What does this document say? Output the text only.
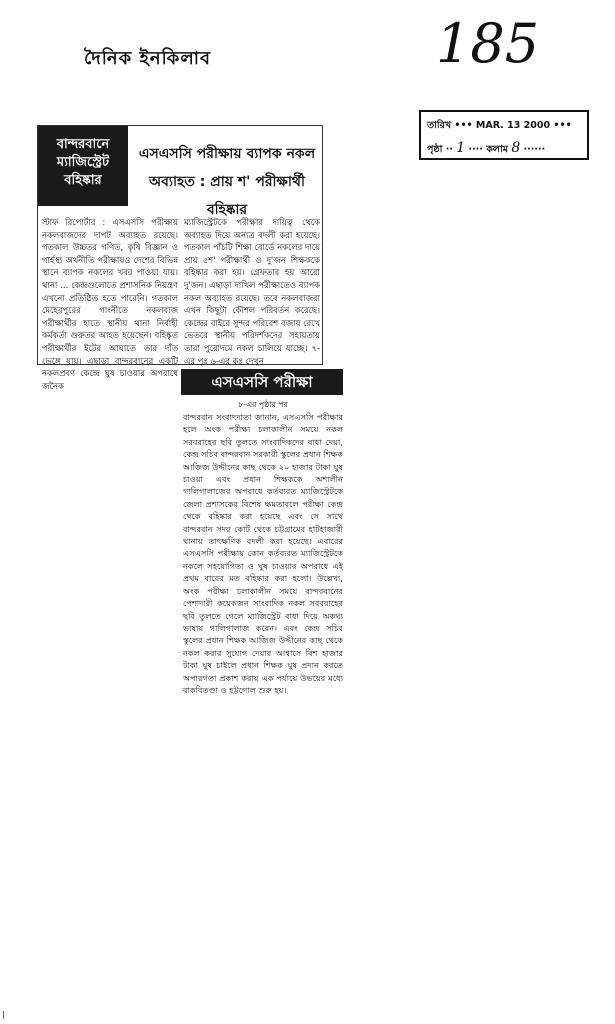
দৈনিক ইনকিলাব	185
তারিখ ••• MAR. 13 2000 •••
পৃষ্ঠা ·· 1 ···· কলাম 8 ······
বান্দরবানে
ম্যাজিস্ট্রেট
বহিষ্কার
এসএসসি পরীক্ষায় ব্যাপক নকল
অব্যাহত : প্রায় শ' পরীক্ষার্থী বহিষ্কার
স্টাফ রিপোর্টার : এসএসসি পরীক্ষায় নকলবাজদের দাপট অব্যাহত রয়েছে। গতকাল উচ্চতর গণিত, কৃষি বিজ্ঞান ও গার্হস্থ্য অর্থনীতি পরীক্ষায়ও দেশের বিভিন্ন স্থানে ব্যাপক নকলের খবর পাওয়া যায়। থানা ... কেন্দ্রগুলোতে প্রশাসনিক নিয়ন্ত্রণ এখনো প্রতিষ্ঠিত হতে পারেনি। গতকাল মেহেরপুরের গাংনীতে নকলবাজ পরীক্ষার্থীর হাতে স্থানীয় থানা নির্বাহী কর্মকর্তা গুরুতর আহত হয়েছেন। বহিষ্কৃত পরীক্ষার্থীর ইটের আঘাতে তার দাঁত ভেঙ্গে যায়। এছাড়া বান্দরবানের একটি নকলপ্রবণ কেন্দ্রে ঘুষ চাওয়ার অপরাধে জনৈক
ম্যাজিস্ট্রেটকে পরীক্ষার দায়িত্ব থেকে অব্যাহত দিয়ে অন্যত্র বদলী করা হয়েছে। গতকাল পাঁচটি শিক্ষা বোর্ডে নকলের দায়ে প্রায় ৫শ' পরীক্ষার্থী ও দু'জন শিক্ষককে বহিষ্কার করা হয়। গ্রেফতার হয় আরো দু'জন। এছাড়া দাখিল পরীক্ষাতেও ব্যাপক নকল অব্যাহত রয়েছে। তবে নকলবাজরা এখন কিছুটা কৌশল পরিবর্তন করেছে। কেন্দ্রের বাইরে সুন্দর পরিবেশ বজায় রেখে ভেতরে স্থানীয় পরিদর্শকদের সহায়তায় তারা পুরোদমে নকল চালিয়ে যাচ্ছে। ৭-এর পৃঃ ৬-এর কঃ দেখুন
এসএসসি পরীক্ষা
৮-এর পৃষ্ঠার পর
বান্দরবান সংবাদদাতা জানান, এসএসসি পরীক্ষার হলে অংক পরীক্ষা চলাকালীন সময়ে নকল সরবরাহের ছবি তুলতে সাংবাদিকদের বাধা দেয়া, কেন্দ্র সচিব বান্দরবান সরকারী স্কুলের প্রধান শিক্ষক আজিজ উদ্দীনের কাছ থেকে ২০ হাজার টাকা ঘুষ চাওয়া এবং প্রধান শিক্ষককে অশালীন গালিগালাজের অপরাধে কর্তব্যরত ম্যাজিস্ট্রেটকে জেলা প্রশাসকের বিশেষ ক্ষমতাবলে পরীক্ষা কেন্দ্র থেকে বহিষ্কার করা হয়েছে এবং সে সাথে বান্দরবান সদর কোর্ট থেকে চট্টগ্রামের হাটহাজারী থানায় তাৎক্ষণিক বদলী করা হয়েছে। এবারের এসএসসি পরীক্ষায় কোন কর্তব্যরত ম্যাজিস্ট্রেটকে নকলে সহযোগিতা ও ঘুষ চাওয়ার অপরাধে এই প্রথম বারের মত বহিষ্কার করা হলো। উল্লেখ্য, অংক পরীক্ষা চলাকালীন সময়ে বান্দরবানের পেশাদারী কয়েকজন সাংবাদিক নকল সরবরাহের ছবি তুলতে গেলে ম্যাজিস্ট্রেট বাধা দিয়ে অকথ্য ভাষায় গালিগালাজ করেন। এবং কেন্দ্র সচিব স্কুলের প্রধান শিক্ষক আজিজ উদ্দীনের কাছ থেকে নকল করার সুযোগ দেয়ার আশ্বাসে বিশ হাজার টাকা ঘুষ চাইলে প্রধান শিক্ষক ঘুষ প্রদান করতে অপারগতা প্রকাশ করায় এক পর্যায়ে উভয়ের মধ্যে বাকবিতণ্ডা ও হট্টগোল শুরু হয়।
|
